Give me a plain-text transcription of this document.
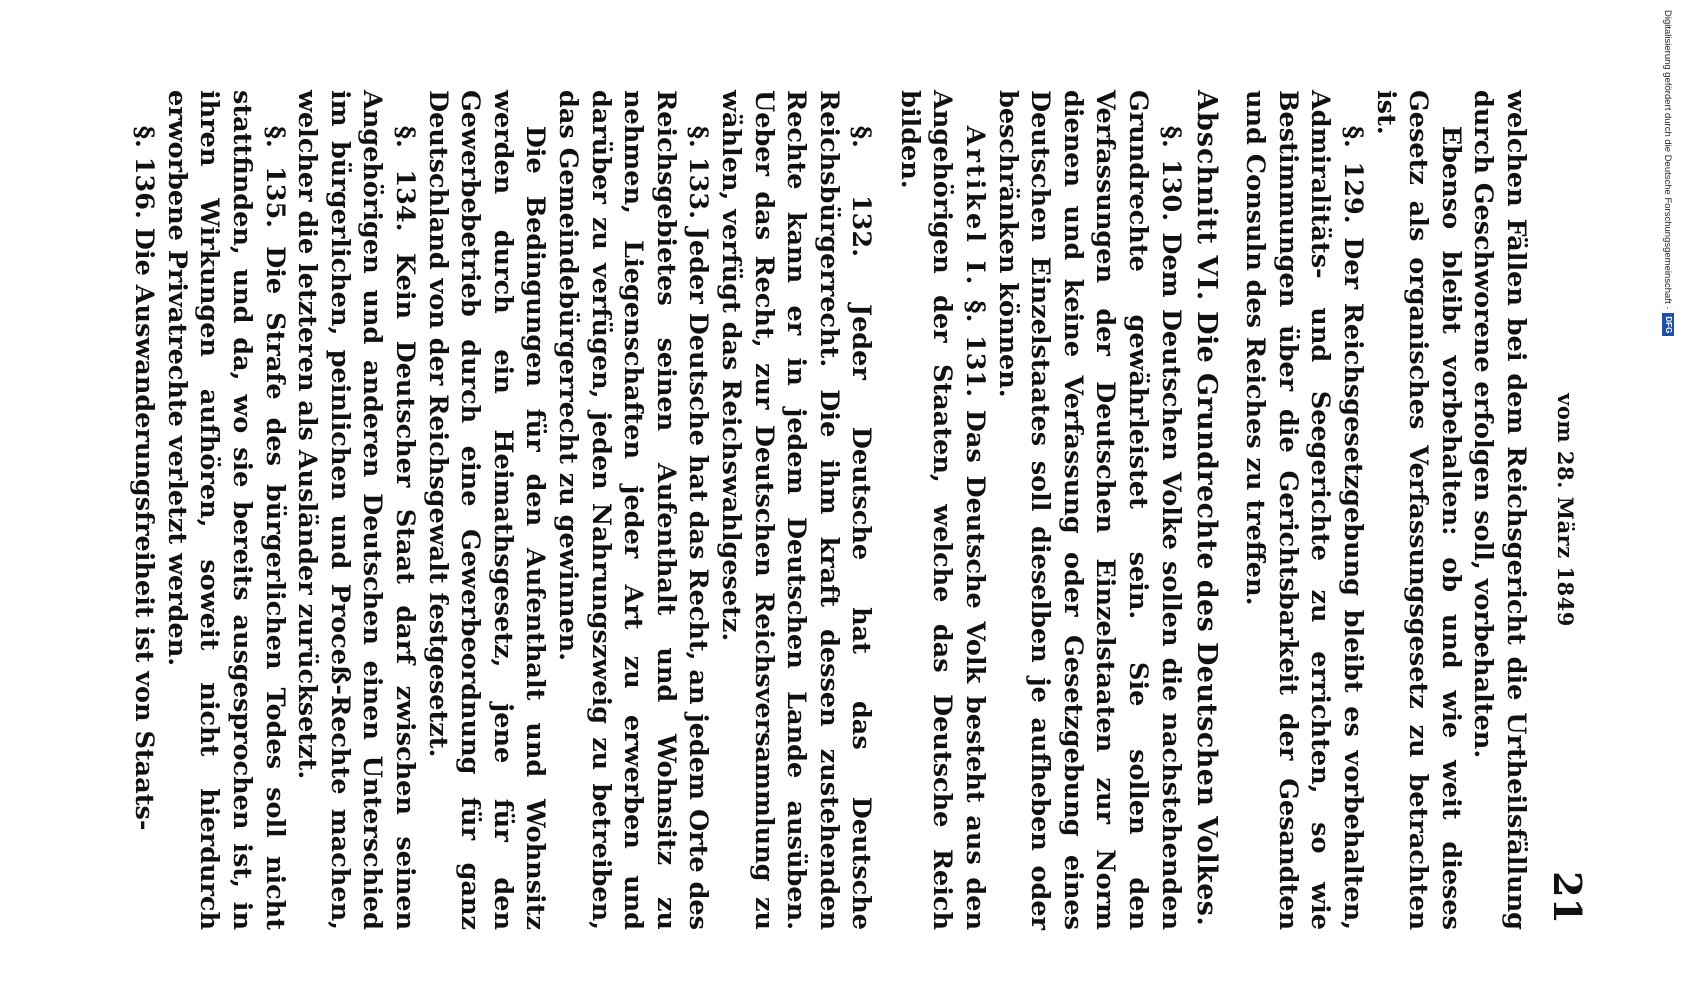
vom 28. März 1849
21

welchen Fällen bei dem Reichsgericht die Urtheilsfällung durch Geschworene erfolgen soll, vorbehalten.

Ebenso bleibt vorbehalten: ob und wie weit dieses Gesetz als organisches Verfassungsgesetz zu betrachten ist.

§. 129. Der Reichsgesetzgebung bleibt es vorbehalten, Admiralitäts- und Seegerichte zu errichten, so wie Bestimmungen über die Gerichtsbarkeit der Gesandten und Consuln des Reiches zu treffen.

Abschnitt VI. Die Grundrechte des Deutschen Volkes.

§. 130. Dem Deutschen Volke sollen die nachstehenden Grundrechte gewährleistet sein. Sie sollen den Verfassungen der Deutschen Einzelstaaten zur Norm dienen und keine Verfassung oder Gesetzgebung eines Deutschen Einzelstaates soll dieselben je aufheben oder beschränken können.

Artikel I. §. 131. Das Deutsche Volk besteht aus den Angehörigen der Staaten, welche das Deutsche Reich bilden.

§. 132. Jeder Deutsche hat das Deutsche Reichsbürgerrecht. Die ihm kraft dessen zustehenden Rechte kann er in jedem Deutschen Lande ausüben. Ueber das Recht, zur Deutschen Reichsversammlung zu wählen, verfügt das Reichswahlgesetz.

§. 133. Jeder Deutsche hat das Recht, an jedem Orte des Reichsgebietes seinen Aufenthalt und Wohnsitz zu nehmen, Liegenschaften jeder Art zu erwerben und darüber zu verfügen, jeden Nahrungszweig zu betreiben, das Gemeindebürgerrecht zu gewinnen.

Die Bedingungen für den Aufenthalt und Wohnsitz werden durch ein Heimathsgesetz, jene für den Gewerbebetrieb durch eine Gewerbeordnung für ganz Deutschland von der Reichsgewalt festgesetzt.

§. 134. Kein Deutscher Staat darf zwischen seinen Angehörigen und anderen Deutschen einen Unterschied im bürgerlichen, peinlichen und Proceß-Rechte machen, welcher die letzteren als Ausländer zurücksetzt.

§. 135. Die Strafe des bürgerlichen Todes soll nicht stattfinden, und da, wo sie bereits ausgesprochen ist, in ihren Wirkungen aufhören, soweit nicht hierdurch erworbene Privatrechte verletzt werden.

§. 136. Die Auswanderungsfreiheit ist von Staats-	Digitalisierung gefördert durch die Deutsche Forschungsgemeinschaft ·DFG
